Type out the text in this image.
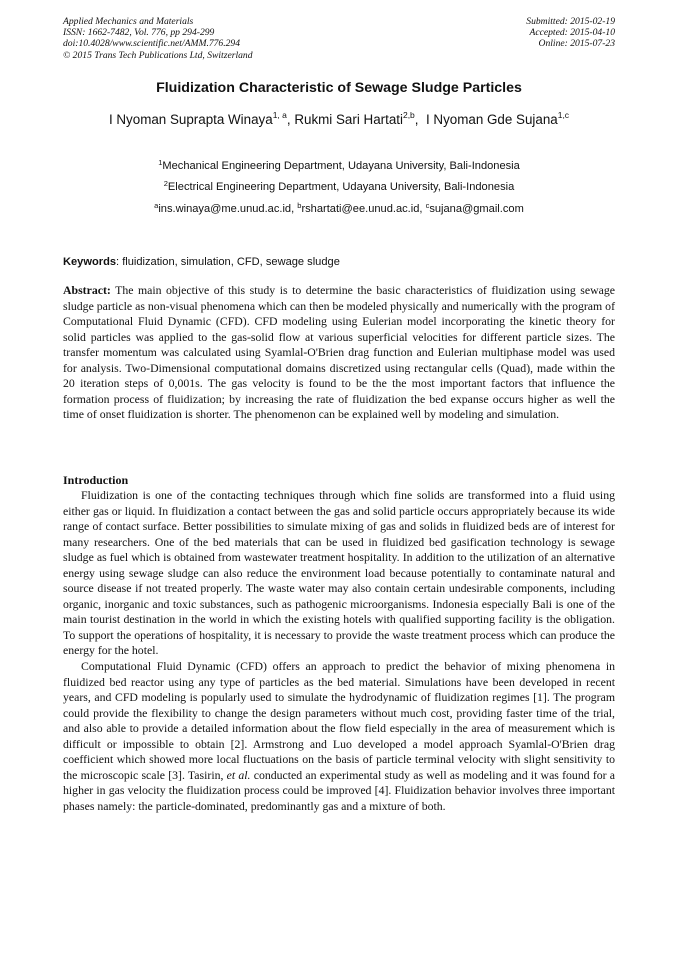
Applied Mechanics and Materials
ISSN: 1662-7482, Vol. 776, pp 294-299
doi:10.4028/www.scientific.net/AMM.776.294
© 2015 Trans Tech Publications Ltd, Switzerland
Submitted: 2015-02-19
Accepted: 2015-04-10
Online: 2015-07-23
Fluidization Characteristic of Sewage Sludge Particles
I Nyoman Suprapta Winaya$^{1, a}$, Rukmi Sari Hartati$^{2,b}$,  I Nyoman Gde Sujana$^{1,c}$
$^1$Mechanical Engineering Department, Udayana University, Bali-Indonesia
$^2$Electrical Engineering Department, Udayana University, Bali-Indonesia
$^a$ins.winaya@me.unud.ac.id, $^b$rshartati@ee.unud.ac.id, $^c$sujana@gmail.com
Keywords: fluidization, simulation, CFD, sewage sludge
Abstract: The main objective of this study is to determine the basic characteristics of fluidization using sewage sludge particle as non-visual phenomena which can then be modeled physically and numerically with the program of Computational Fluid Dynamic (CFD). CFD modeling using Eulerian model incorporating the kinetic theory for solid particles was applied to the gas-solid flow at various superficial velocities for different particle sizes. The transfer momentum was calculated using Syamlal-O'Brien drag function and Eulerian multiphase model was used for analysis. Two-Dimensional computational domains discretized using rectangular cells (Quad), made within the 20 iteration steps of 0,001s. The gas velocity is found to be the the most important factors that influence the formation process of fluidization; by increasing the rate of fluidization the bed expanse occurs higher as well the time of onset fluidization is shorter. The phenomenon can be explained well by modeling and simulation.
Introduction

Fluidization is one of the contacting techniques through which fine solids are transformed into a fluid using either gas or liquid. In fluidization a contact between the gas and solid particle occurs appropriately because its wide range of contact surface. Better possibilities to simulate mixing of gas and solids in fluidized beds are of interest for many researchers. One of the bed materials that can be used in fluidized bed gasification technology is sewage sludge as fuel which is obtained from wastewater treatment hospitality. In addition to the utilization of an alternative energy using sewage sludge can also reduce the environment load because potentially to contaminate natural and source disease if not treated properly. The waste water may also contain certain undesirable components, including organic, inorganic and toxic substances, such as pathogenic microorganisms. Indonesia especially Bali is one of the main tourist destination in the world in which the existing hotels with qualified supporting facility is the obligation. To support the operations of hospitality, it is necessary to provide the waste treatment process which can produce the energy for the hotel.

Computational Fluid Dynamic (CFD) offers an approach to predict the behavior of mixing phenomena in fluidized bed reactor using any type of particles as the bed material. Simulations have been developed in recent years, and CFD modeling is popularly used to simulate the hydrodynamic of fluidization regimes [1]. The program could provide the flexibility to change the design parameters without much cost, providing faster time of the trial, and also able to provide a detailed information about the flow field especially in the area of measurement which is difficult or impossible to obtain [2]. Armstrong and Luo developed a model approach Syamlal-O'Brien drag coefficient which showed more local fluctuations on the basis of particle terminal velocity with slight sensitivity to the microscopic scale [3]. Tasirin, et al. conducted an experimental study as well as modeling and it was found for a higher in gas velocity the fluidization process could be improved [4]. Fluidization behavior involves three important phases namely: the particle-dominated, predominantly gas and a mixture of both.
